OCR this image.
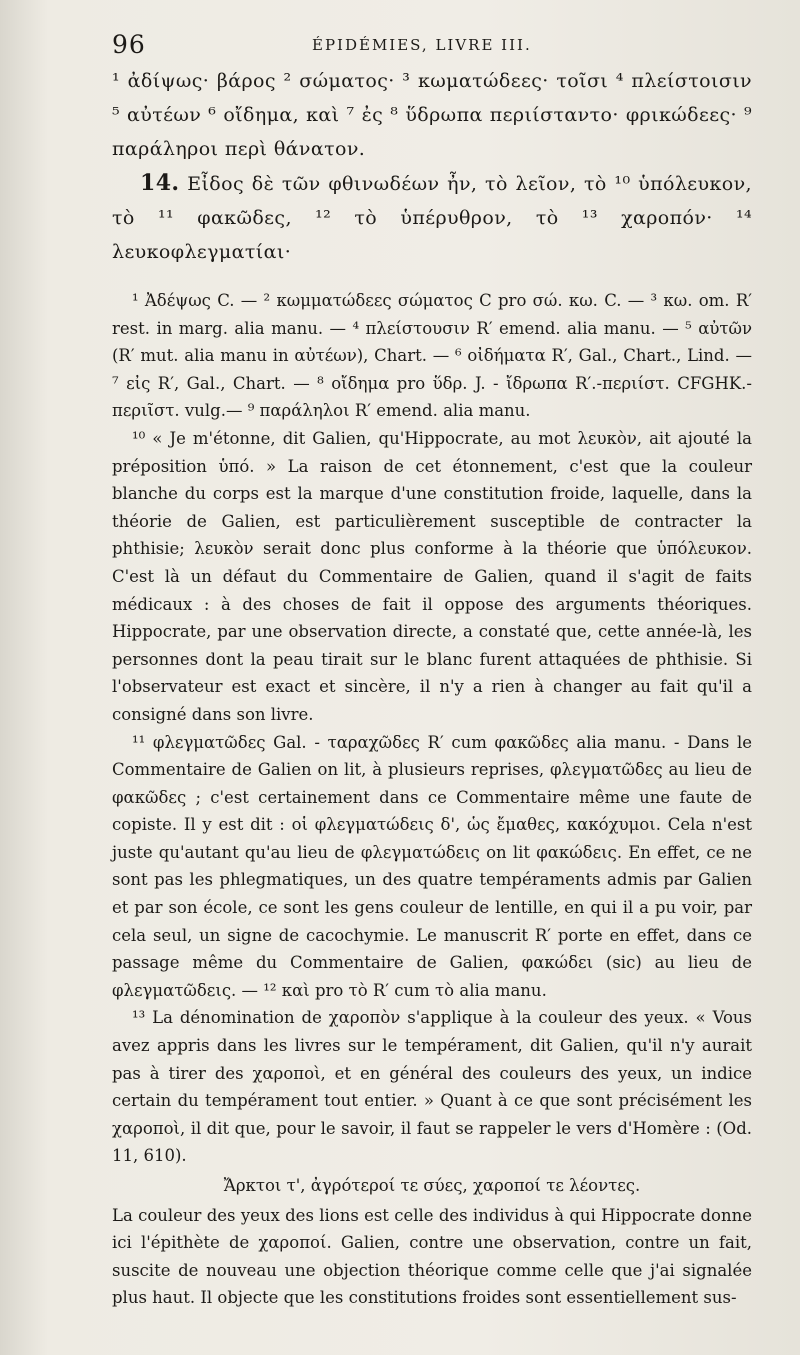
96	ÉPIDÉMIES, LIVRE III.

¹ ἀδίψως· βάρος ² σώματος· ³ κωματώδεες· τοῖσι ⁴ πλείστοισιν ⁵ αὐτέων ⁶ οἴδημα, καὶ ⁷ ἐς ⁸ ὕδρωπα περιίσταντο· φρικώδεες· ⁹ παράληροι περὶ θάνατον.

14. Εἶδος δὲ τῶν φθινωδέων ἦν, τὸ λεῖον, τὸ ¹⁰ ὑπόλευκον, τὸ ¹¹ φακῶδες, ¹² τὸ ὑπέρυθρον, τὸ ¹³ χαροπόν· ¹⁴ λευκοφλεγματίαι·

¹ Ἀδέψως C. — ² κωμματώδεες σώματος C pro σώ. κω. C. — ³ κω. om. R′ rest. in marg. alia manu. — ⁴ πλείστουσιν R′ emend. alia manu. — ⁵ αὐτῶν (R′ mut. alia manu in αὐτέων), Chart. — ⁶ οἰδήματα R′, Gal., Chart., Lind. — ⁷ εἰς R′, Gal., Chart. — ⁸ οἴδημα pro ὕδρ. J. - ἴδρωπα R′.-περιίστ. CFGHK.- περιῖστ. vulg.— ⁹ παράληλοι R′ emend. alia manu.

¹⁰ « Je m'étonne, dit Galien, qu'Hippocrate, au mot λευκὸν, ait ajouté la préposition ὑπό. » La raison de cet étonnement, c'est que la couleur blanche du corps est la marque d'une constitution froide, laquelle, dans la théorie de Galien, est particulièrement susceptible de contracter la phthisie; λευκὸν serait donc plus conforme à la théorie que ὑπόλευκον. C'est là un défaut du Commentaire de Galien, quand il s'agit de faits médicaux : à des choses de fait il oppose des arguments théoriques. Hippocrate, par une observation directe, a constaté que, cette année-là, les personnes dont la peau tirait sur le blanc furent attaquées de phthisie. Si l'observateur est exact et sincère, il n'y a rien à changer au fait qu'il a consigné dans son livre.

¹¹ φλεγματῶδες Gal. - ταραχῶδες R′ cum φακῶδες alia manu. - Dans le Commentaire de Galien on lit, à plusieurs reprises, φλεγματῶδες au lieu de φακῶδες ; c'est certainement dans ce Commentaire même une faute de copiste. Il y est dit : οἱ φλεγματώδεις δ', ὡς ἔμαθες, κακόχυμοι. Cela n'est juste qu'autant qu'au lieu de φλεγματώδεις on lit φακώδεις. En effet, ce ne sont pas les phlegmatiques, un des quatre tempéraments admis par Galien et par son école, ce sont les gens couleur de lentille, en qui il a pu voir, par cela seul, un signe de cacochymie. Le manuscrit R′ porte en effet, dans ce passage même du Commentaire de Galien, φακώδει (sic) au lieu de φλεγματῶδεις. — ¹² καὶ pro τὸ R′ cum τὸ alia manu.

¹³ La dénomination de χαροπὸν s'applique à la couleur des yeux. « Vous avez appris dans les livres sur le tempérament, dit Galien, qu'il n'y aurait pas à tirer des χαροποὶ, et en général des couleurs des yeux, un indice certain du tempérament tout entier. » Quant à ce que sont précisément les χαροποὶ, il dit que, pour le savoir, il faut se rappeler le vers d'Homère : (Od. 11, 610).

Ἄρκτοι τ', ἀγρότεροί τε σύες, χαροποί τε λέοντες.

La couleur des yeux des lions est celle des individus à qui Hippocrate donne ici l'épithète de χαροποί. Galien, contre une observation, contre un fait, suscite de nouveau une objection théorique comme celle que j'ai signalée plus haut. Il objecte que les constitutions froides sont essentiellement sus-
